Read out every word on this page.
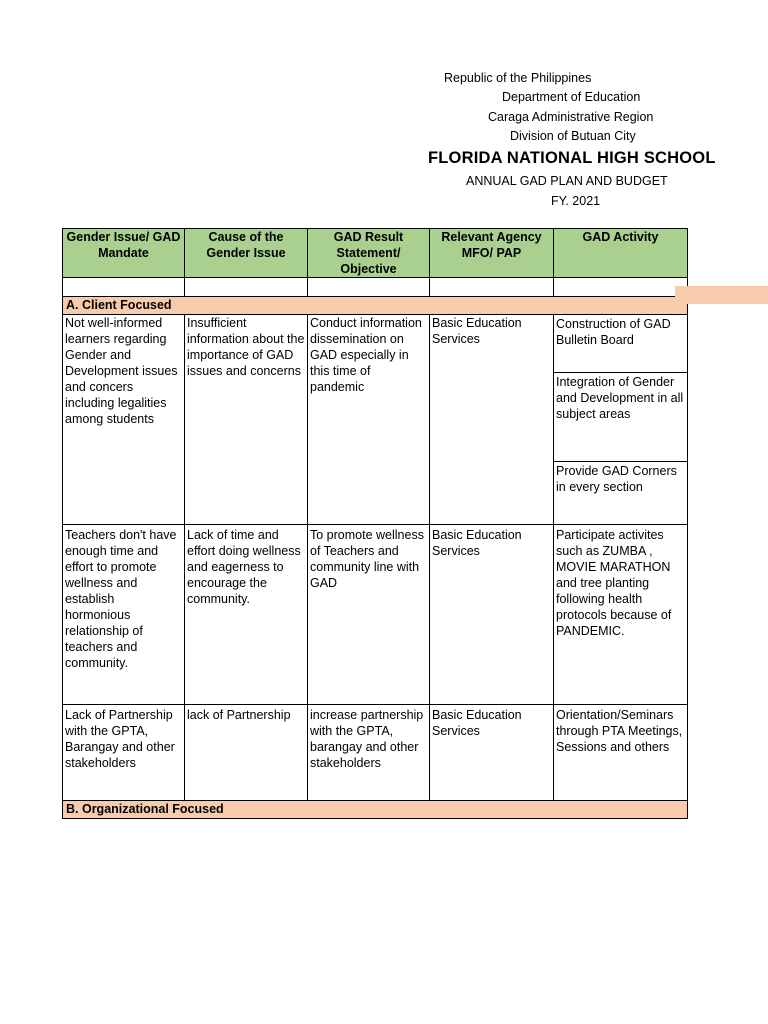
Republic of the Philippines
Department of Education
Caraga Administrative Region
Division of Butuan City
FLORIDA NATIONAL HIGH SCHOOL
ANNUAL GAD PLAN AND BUDGET
FY. 2021
Gender Issue/ GAD Mandate	Cause of the Gender Issue	GAD Result Statement/ Objective	Relevant Agency MFO/ PAP	GAD Activity

A. Client Focused				
Not well-informed learners regarding Gender and Development issues and concers including legalities among students	Insufficient information about the importance of GAD issues and concerns	Conduct information dissemination on GAD especially in this time of pandemic	Basic Education Services	Construction of GAD Bulletin Board
				Integration of Gender and Development in all subject areas
				Provide GAD Corners in every section
Teachers don't have enough time and effort to promote wellness and establish hormonious relationship of teachers and community.	Lack of time and effort doing wellness and eagerness to encourage the community.	To promote wellness of Teachers and community line with GAD	Basic Education Services	Participate activites such as ZUMBA , MOVIE MARATHON and tree planting following health protocols because of PANDEMIC.
Lack of Partnership with the GPTA, Barangay and other stakeholders	lack of Partnership	increase partnership with the GPTA, barangay and other stakeholders	Basic Education Services	Orientation/Seminars through PTA Meetings, Sessions and others
B. Organizational Focused				
